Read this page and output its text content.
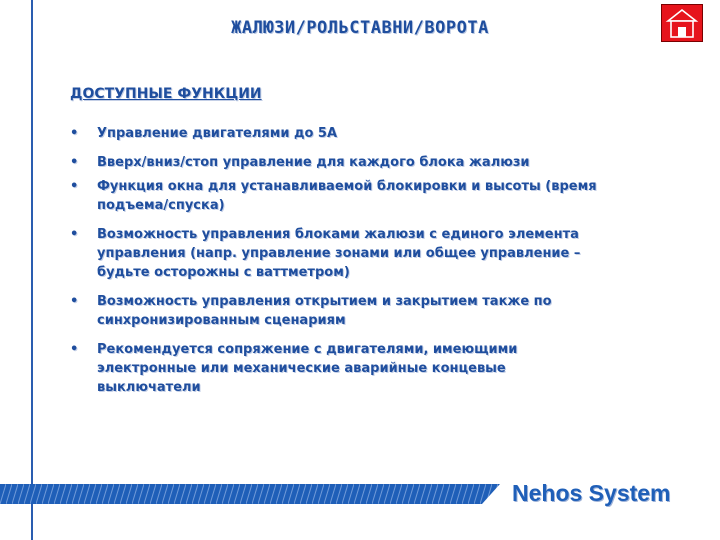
ЖАЛЮЗИ/РОЛЬСТАВНИ/ВОРОТА
ДОСТУПНЫЕ ФУНКЦИИ
• Управление двигателями до 5А
• Вверх/вниз/стоп управление для каждого блока жалюзи
• Функция окна для устанавливаемой блокировки и высоты (время
подъема/спуска)
• Возможность управления блоками жалюзи с единого элемента
управления (напр. управление зонами или общее управление –
будьте осторожны с ваттметром)
• Возможность управления открытием и закрытием также по
синхронизированным сценариям
• Рекомендуется сопряжение с двигателями, имеющими
электронные или механические аварийные концевые
выключатели
Nehos System
